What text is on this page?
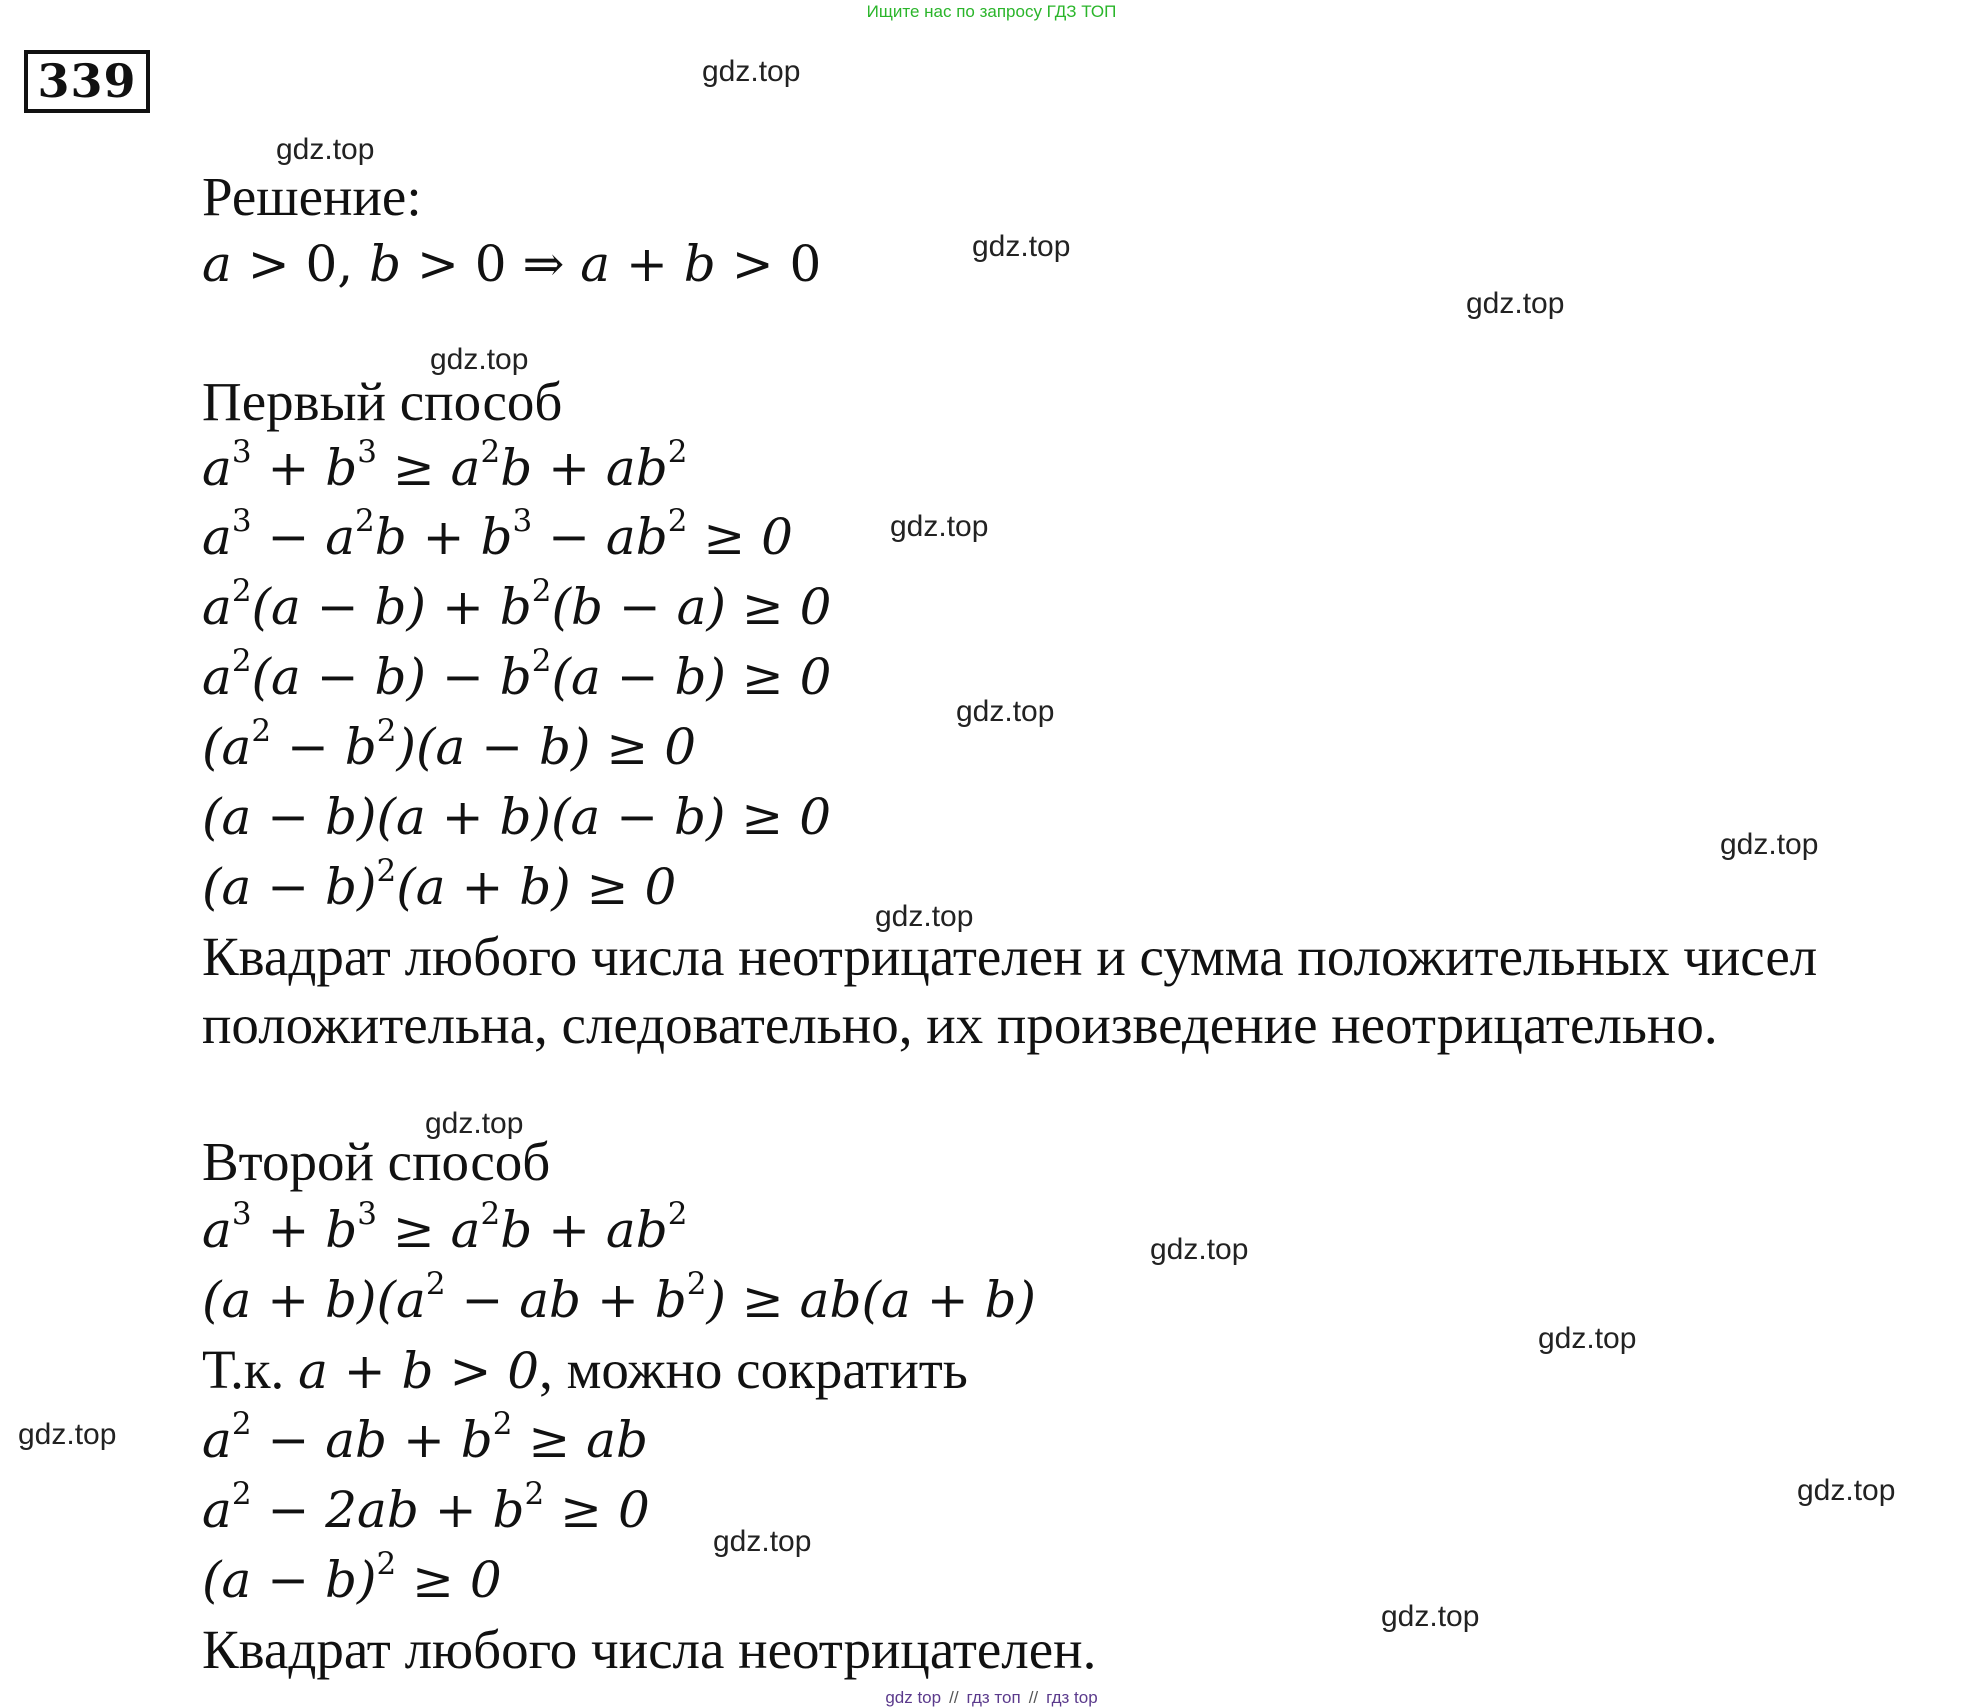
Ищите нас по запросу ГДЗ ТОП
339
Решение:
a > 0, b > 0 ⇒ a + b > 0
Первый способ
$a^3 + b^3 \ge a^2b + ab^2$
$a^3 - a^2b + b^3 - ab^2 \ge 0$
$a^2(a - b) + b^2(b - a) \ge 0$
$a^2(a - b) - b^2(a - b) \ge 0$
$(a^2 - b^2)(a - b) \ge 0$
(a − b)(a + b)(a − b) ≥ 0
$(a - b)^2(a + b) \ge 0$
Квадрат любого числа неотрицателен и сумма положительных чисел
положительна, следовательно, их произведение неотрицательно.
Второй способ
$a^3 + b^3 \ge a^2b + ab^2$
$(a + b)(a^2$ − ab + $b^2) \ge ab(a + b)$
Т.к. a + b > 0, можно сократить
$a^2$ − ab + $b^2$ ≥ ab
$a^2 - 2ab + b^2 \ge 0$
$(a - b)^2 \ge 0$
Квадрат любого числа неотрицателен.
gdz.top
gdz.top
gdz.top
gdz.top
gdz.top
gdz.top
gdz.top
gdz.top
gdz.top
gdz.top
gdz.top
gdz.top
gdz.top
gdz.top
gdz.top
gdz.top
gdz top // гдз топ // гдз top
